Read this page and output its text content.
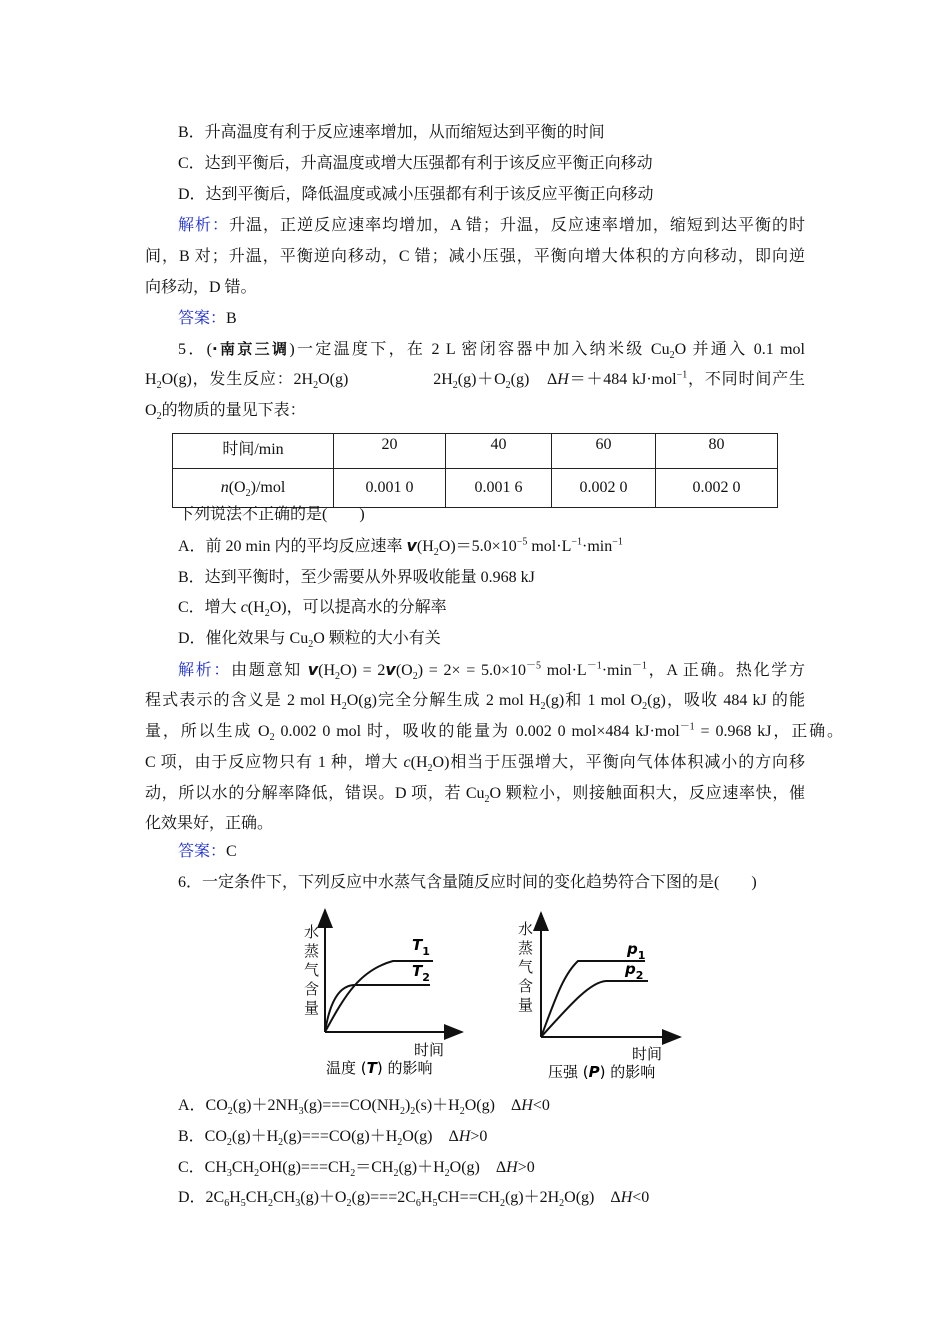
B．升高温度有利于反应速率增加，从而缩短达到平衡的时间
C．达到平衡后，升高温度或增大压强都有利于该反应平衡正向移动
D．达到平衡后，降低温度或减小压强都有利于该反应平衡正向移动
解析：升温，正逆反应速率均增加，A 错；升温，反应速率增加，缩短到达平衡的时
间，B 对；升温，平衡逆向移动，C 错；减小压强，平衡向增大体积的方向移动，即向逆
向移动，D 错。
答案：B
5．(·南京三调)一定温度下，在 2 L 密闭容器中加入纳米级 $Cu_2O$ 并通入 0.1 mol
$H_2O(g)$，发生反应：$2H_2O(g)$　　　　　$2H_2(g)+O_2(g)$　ΔH＝＋484 kJ·mol$^{-1}$，不同时间产生
$O_2$的物质的量见下表：
时间/min	20	40	60	80
$n(O_2)$/mol	0.001 0	0.001 6	0.002 0	0.002 0
下列说法不正确的是(　　)
A．前 20 min 内的平均反应速率 $v(H_2O)=5.0\times 10^{-5}$ $mol\cdot L^{-1}\cdot\min^{-1}$
B．达到平衡时，至少需要从外界吸收能量 0.968 kJ
C．增大 $c(H_2O)$，可以提高水的分解率
D．催化效果与 $Cu_2O$ 颗粒的大小有关
解析：由题意知 $v(H_2O) = 2v(O_2) = 2\times = 5.0\times 10^{-5}$ $mol\cdot L^{-1}\cdot\min^{-1}$，A 正确。热化学方
程式表示的含义是 2 mol $H_2O(g)$完全分解生成 2 mol $H_2(g)$和 1 mol $O_2(g)$，吸收 484 kJ 的能
量，所以生成 $O_2$ 0.002 0 mol 时，吸收的能量为 0.002 0 mol×484 kJ·mol$^{-1}$ = 0.968 kJ，正确。
C 项，由于反应物只有 1 种，增大 $c(H_2O)$相当于压强增大，平衡向气体体积减小的方向移
动，所以水的分解率降低，错误。D 项，若 $Cu_2O$ 颗粒小，则接触面积大，反应速率快，催
化效果好，正确。
答案：C
6．一定条件下，下列反应中水蒸气含量随反应时间的变化趋势符合下图的是(　　)
水
蒸
气
含
量
$T_1$
$T_2$
时间
温度 (T) 的影响
水
蒸
气
含
量
$p_1$
$p_2$
时间
压强 (P) 的影响
A．$CO_2(g)+2NH_3(g)===CO(NH_2)_2(s)+H_2O(g)$　ΔH<0
B．$CO_2(g)+H_2(g)===CO(g)+H_2O(g)$　ΔH>0
C．$CH_3CH_2OH(g)===CH_2=CH_2(g)+H_2O(g)$　ΔH>0
D．$2C_6H_5CH_2CH_3(g)+O_2(g)===2C_6H_5CH==CH_2(g)+2H_2O(g)$　ΔH<0
